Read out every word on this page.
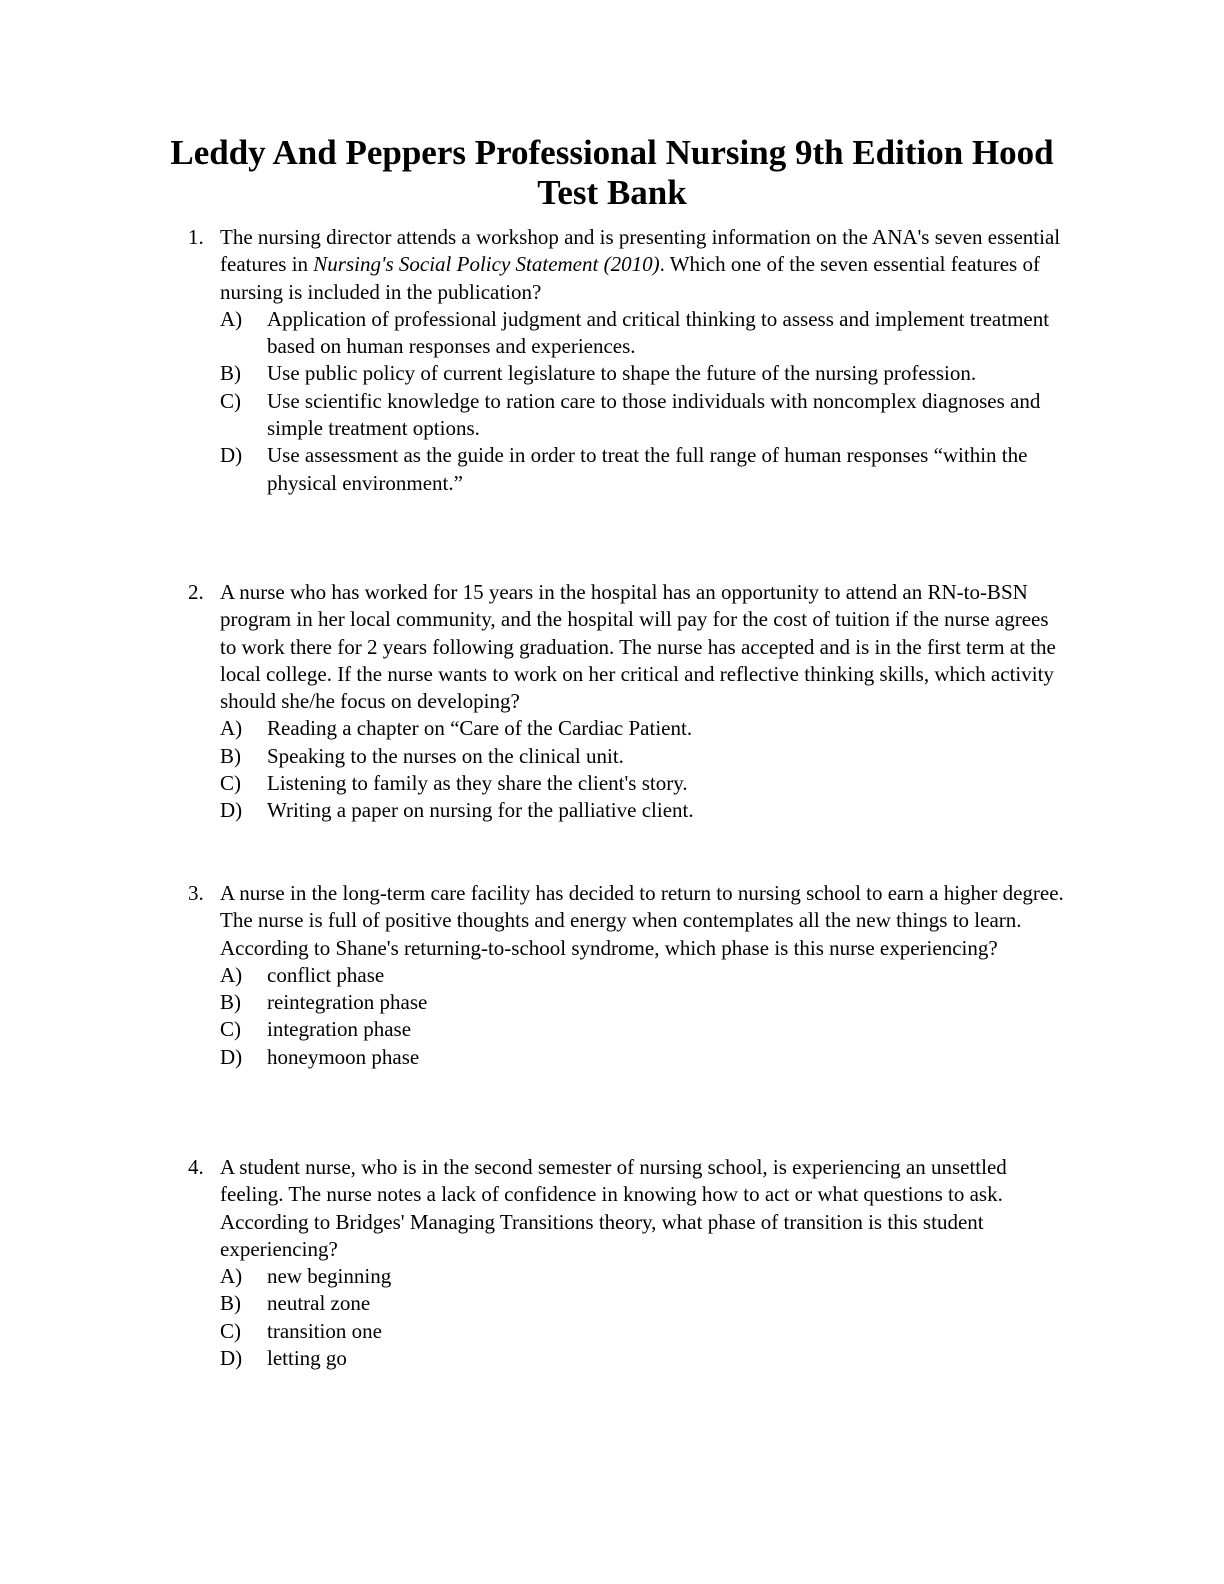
Leddy And Peppers Professional Nursing 9th Edition Hood
Test Bank
1. The nursing director attends a workshop and is presenting information on the ANA's seven essential features in Nursing's Social Policy Statement (2010). Which one of the seven essential features of nursing is included in the publication?
A)	Application of professional judgment and critical thinking to assess and implement treatment based on human responses and experiences.
B)	Use public policy of current legislature to shape the future of the nursing profession.
C)	Use scientific knowledge to ration care to those individuals with noncomplex diagnoses and simple treatment options.
D)	Use assessment as the guide in order to treat the full range of human responses “within the physical environment.”
2. A nurse who has worked for 15 years in the hospital has an opportunity to attend an RN-to-BSN program in her local community, and the hospital will pay for the cost of tuition if the nurse agrees to work there for 2 years following graduation. The nurse has accepted and is in the first term at the local college. If the nurse wants to work on her critical and reflective thinking skills, which activity should she/he focus on developing?
A)	Reading a chapter on “Care of the Cardiac Patient.
B)	Speaking to the nurses on the clinical unit.
C)	Listening to family as they share the client's story.
D)	Writing a paper on nursing for the palliative client.
3. A nurse in the long-term care facility has decided to return to nursing school to earn a higher degree. The nurse is full of positive thoughts and energy when contemplates all the new things to learn. According to Shane's returning-to-school syndrome, which phase is this nurse experiencing?
A)	conflict phase
B)	reintegration phase
C)	integration phase
D)	honeymoon phase
4. A student nurse, who is in the second semester of nursing school, is experiencing an unsettled feeling. The nurse notes a lack of confidence in knowing how to act or what questions to ask. According to Bridges' Managing Transitions theory, what phase of transition is this student experiencing?
A)	new beginning
B)	neutral zone
C)	transition one
D)	letting go
